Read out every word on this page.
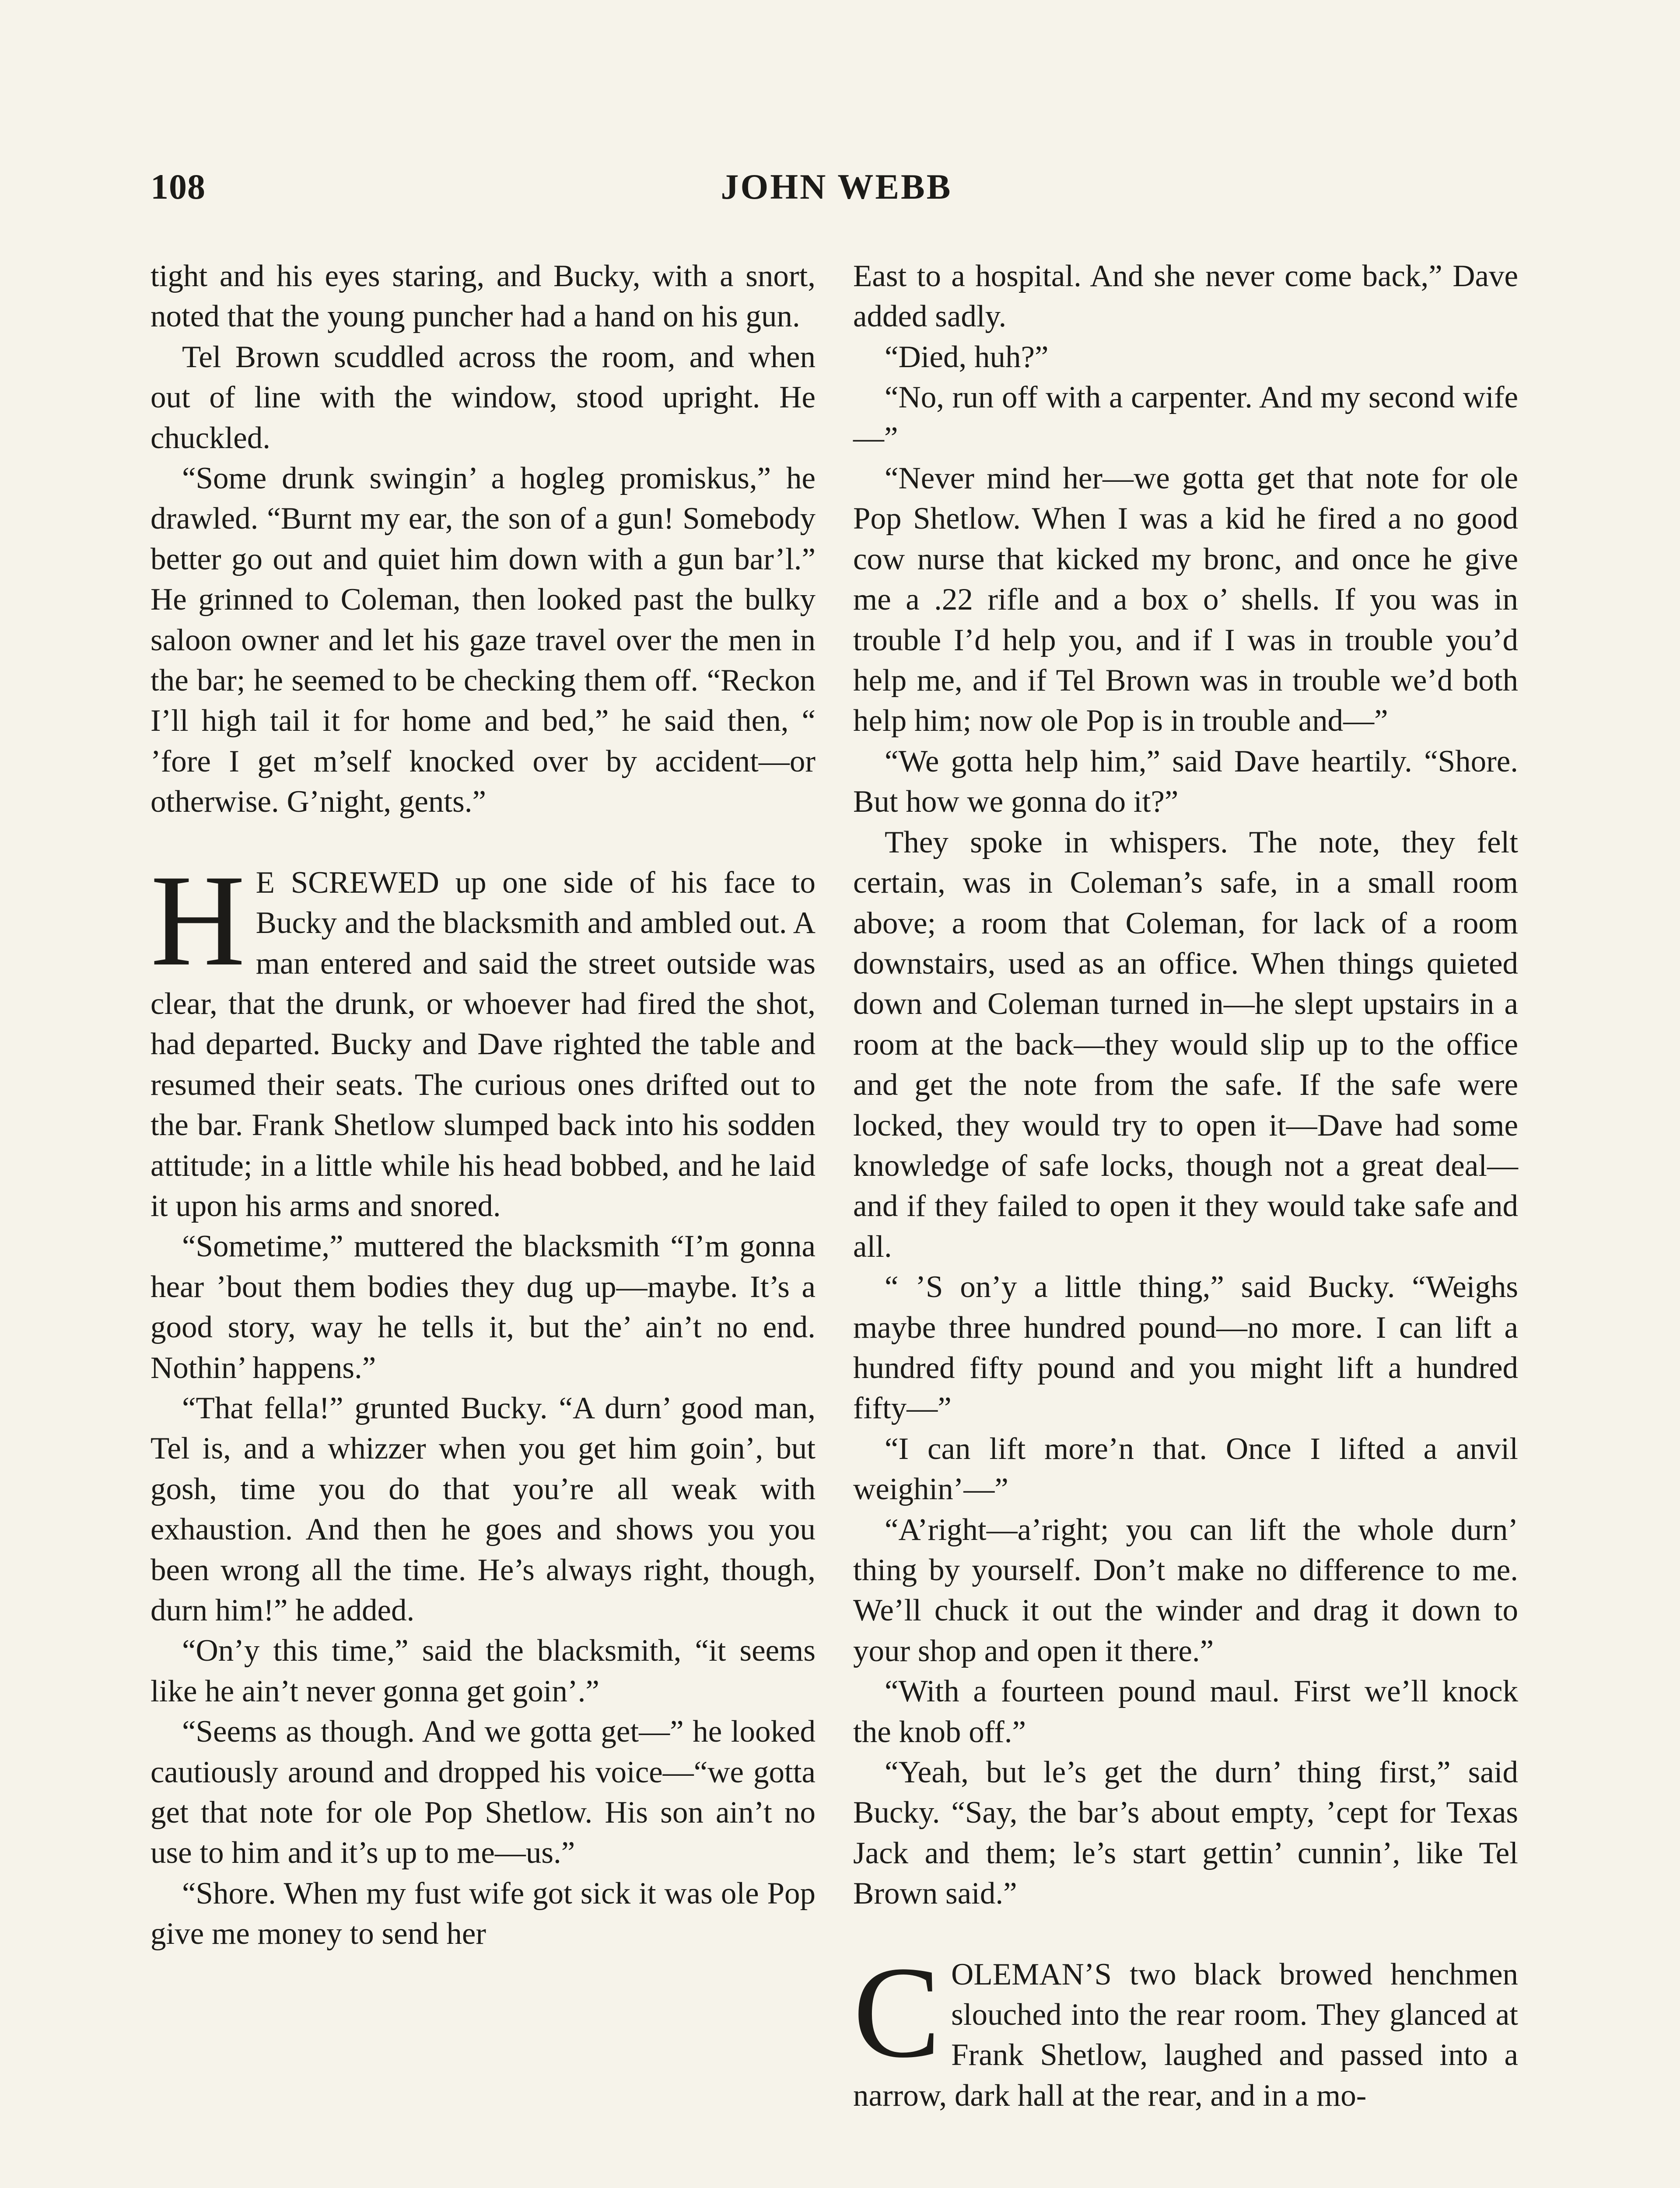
108	JOHN WEBB

tight and his eyes staring, and Bucky, with a snort, noted that the young puncher had a hand on his gun.

Tel Brown scuddled across the room, and when out of line with the window, stood upright. He chuckled.

“Some drunk swingin’ a hogleg promiskus,” he drawled. “Burnt my ear, the son of a gun! Somebody better go out and quiet him down with a gun bar’l.” He grinned to Coleman, then looked past the bulky saloon owner and let his gaze travel over the men in the bar; he seemed to be checking them off. “Reckon I’ll high tail it for home and bed,” he said then, “ ’fore I get m’self knocked over by accident—or otherwise. G’night, gents.”

H E SCREWED up one side of his face to Bucky and the blacksmith and ambled out. A man entered and said the street outside was clear, that the drunk, or whoever had fired the shot, had departed. Bucky and Dave righted the table and resumed their seats. The curious ones drifted out to the bar. Frank Shetlow slumped back into his sodden attitude; in a little while his head bobbed, and he laid it upon his arms and snored.

“Sometime,” muttered the blacksmith “I’m gonna hear ’bout them bodies they dug up—maybe. It’s a good story, way he tells it, but the’ ain’t no end. Nothin’ happens.”

“That fella!” grunted Bucky. “A durn’ good man, Tel is, and a whizzer when you get him goin’, but gosh, time you do that you’re all weak with exhaustion. And then he goes and shows you you been wrong all the time. He’s always right, though, durn him!” he added.

“On’y this time,” said the blacksmith, “it seems like he ain’t never gonna get goin’.”

“Seems as though. And we gotta get—” he looked cautiously around and dropped his voice—“we gotta get that note for ole Pop Shetlow. His son ain’t no use to him and it’s up to me—us.”

“Shore. When my fust wife got sick it was ole Pop give me money to send her

East to a hospital. And she never come back,” Dave added sadly.

“Died, huh?”

“No, run off with a carpenter. And my second wife—”

“Never mind her—we gotta get that note for ole Pop Shetlow. When I was a kid he fired a no good cow nurse that kicked my bronc, and once he give me a .22 rifle and a box o’ shells. If you was in trouble I’d help you, and if I was in trouble you’d help me, and if Tel Brown was in trouble we’d both help him; now ole Pop is in trouble and—”

“We gotta help him,” said Dave heartily. “Shore. But how we gonna do it?”

They spoke in whispers. The note, they felt certain, was in Coleman’s safe, in a small room above; a room that Coleman, for lack of a room downstairs, used as an office. When things quieted down and Coleman turned in—he slept upstairs in a room at the back—they would slip up to the office and get the note from the safe. If the safe were locked, they would try to open it—Dave had some knowledge of safe locks, though not a great deal—and if they failed to open it they would take safe and all.

“ ’S on’y a little thing,” said Bucky. “Weighs maybe three hundred pound—no more. I can lift a hundred fifty pound and you might lift a hundred fifty—”

“I can lift more’n that. Once I lifted a anvil weighin’—”

“A’right—a’right; you can lift the whole durn’ thing by yourself. Don’t make no difference to me. We’ll chuck it out the winder and drag it down to your shop and open it there.”

“With a fourteen pound maul. First we’ll knock the knob off.”

“Yeah, but le’s get the durn’ thing first,” said Bucky. “Say, the bar’s about empty, ’cept for Texas Jack and them; le’s start gettin’ cunnin’, like Tel Brown said.”

COLEMAN’S two black browed henchmen slouched into the rear room. They glanced at Frank Shetlow, laughed and passed into a narrow, dark hall at the rear, and in a mo-
